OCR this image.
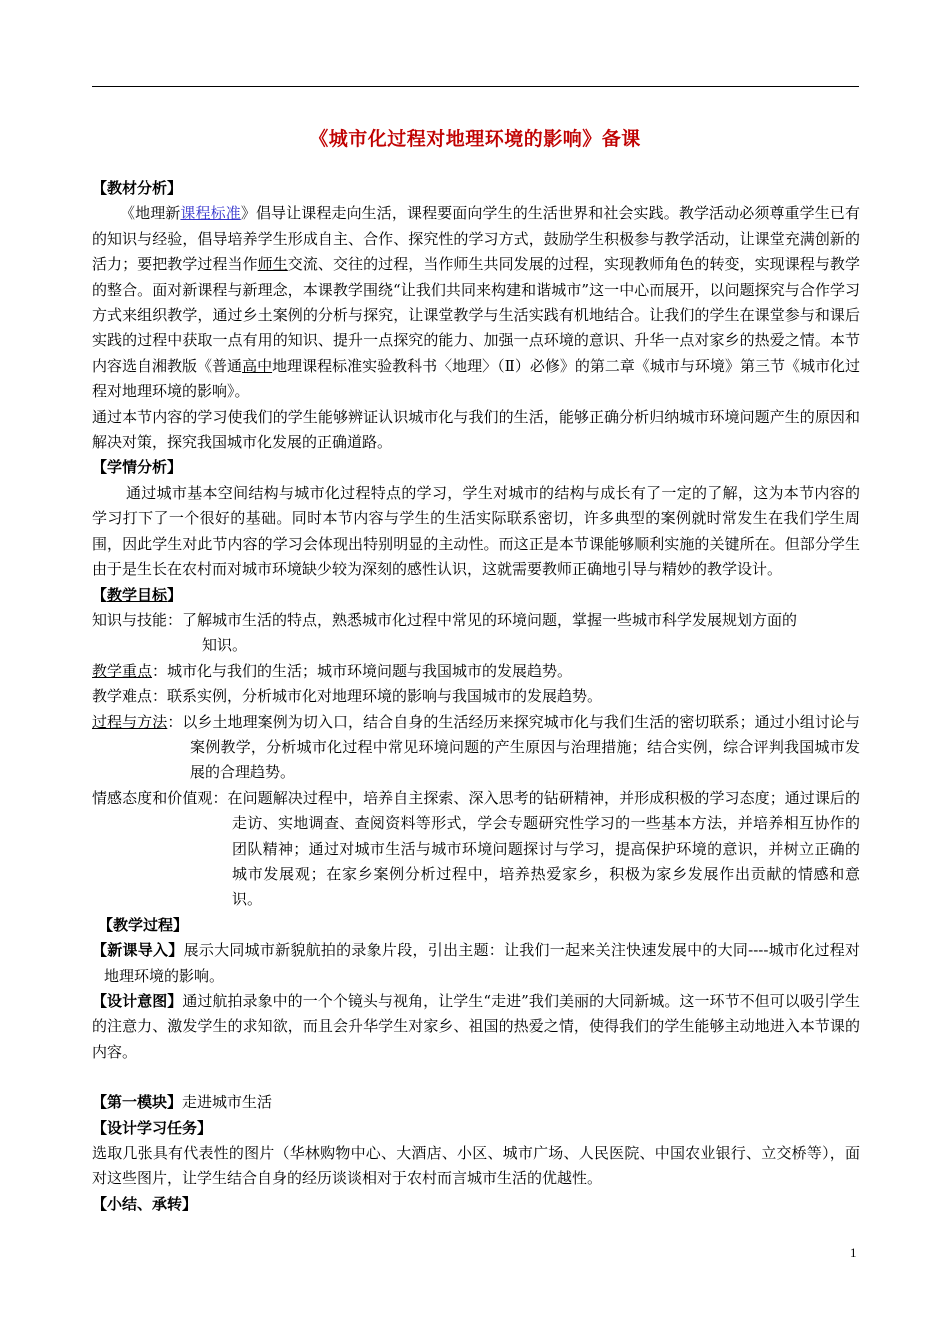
《城市化过程对地理环境的影响》备课

【教材分析】

《地理新课程标准》倡导让课程走向生活，课程要面向学生的生活世界和社会实践。教学活动必须尊重学生已有的知识与经验，倡导培养学生形成自主、合作、探究性的学习方式，鼓励学生积极参与教学活动，让课堂充满创新的活力；要把教学过程当作师生交流、交往的过程，当作师生共同发展的过程，实现教师角色的转变，实现课程与教学的整合。面对新课程与新理念，本课教学围绕“让我们共同来构建和谐城市”这一中心而展开，以问题探究与合作学习方式来组织教学，通过乡土案例的分析与探究，让课堂教学与生活实践有机地结合。让我们的学生在课堂参与和课后实践的过程中获取一点有用的知识、提升一点探究的能力、加强一点环境的意识、升华一点对家乡的热爱之情。本节内容选自湘教版《普通高中地理课程标准实验教科书〈地理〉（Ⅱ）必修》的第二章《城市与环境》第三节《城市化过程对地理环境的影响》。

通过本节内容的学习使我们的学生能够辨证认识城市化与我们的生活，能够正确分析归纳城市环境问题产生的原因和解决对策，探究我国城市化发展的正确道路。

【学情分析】

通过城市基本空间结构与城市化过程特点的学习，学生对城市的结构与成长有了一定的了解，这为本节内容的学习打下了一个很好的基础。同时本节内容与学生的生活实际联系密切，许多典型的案例就时常发生在我们学生周围，因此学生对此节内容的学习会体现出特别明显的主动性。而这正是本节课能够顺利实施的关键所在。但部分学生由于是生长在农村而对城市环境缺少较为深刻的感性认识，这就需要教师正确地引导与精妙的教学设计。

【教学目标】

知识与技能：了解城市生活的特点，熟悉城市化过程中常见的环境问题，掌握一些城市科学发展规划方面的

知识。

教学重点：城市化与我们的生活；城市环境问题与我国城市的发展趋势。

教学难点：联系实例，分析城市化对地理环境的影响与我国城市的发展趋势。

过程与方法：以乡土地理案例为切入口，结合自身的生活经历来探究城市化与我们生活的密切联系；通过小组讨论与案例教学，分析城市化过程中常见环境问题的产生原因与治理措施；结合实例，综合评判我国城市发展的合理趋势。

情感态度和价值观：在问题解决过程中，培养自主探索、深入思考的钻研精神，并形成积极的学习态度；通过课后的走访、实地调查、查阅资料等形式，学会专题研究性学习的一些基本方法，并培养相互协作的团队精神；通过对城市生活与城市环境问题探讨与学习，提高保护环境的意识，并树立正确的城市发展观；在家乡案例分析过程中，培养热爱家乡，积极为家乡发展作出贡献的情感和意识。

【教学过程】

【新课导入】展示大同城市新貌航拍的录象片段，引出主题：让我们一起来关注快速发展中的大同----城市化过程对地理环境的影响。

【设计意图】通过航拍录象中的一个个镜头与视角，让学生“走进”我们美丽的大同新城。这一环节不但可以吸引学生的注意力、激发学生的求知欲，而且会升华学生对家乡、祖国的热爱之情，使得我们的学生能够主动地进入本节课的内容。

【第一模块】走进城市生活

【设计学习任务】

选取几张具有代表性的图片（华林购物中心、大酒店、小区、城市广场、人民医院、中国农业银行、立交桥等），面对这些图片，让学生结合自身的经历谈谈相对于农村而言城市生活的优越性。

【小结、承转】

1
